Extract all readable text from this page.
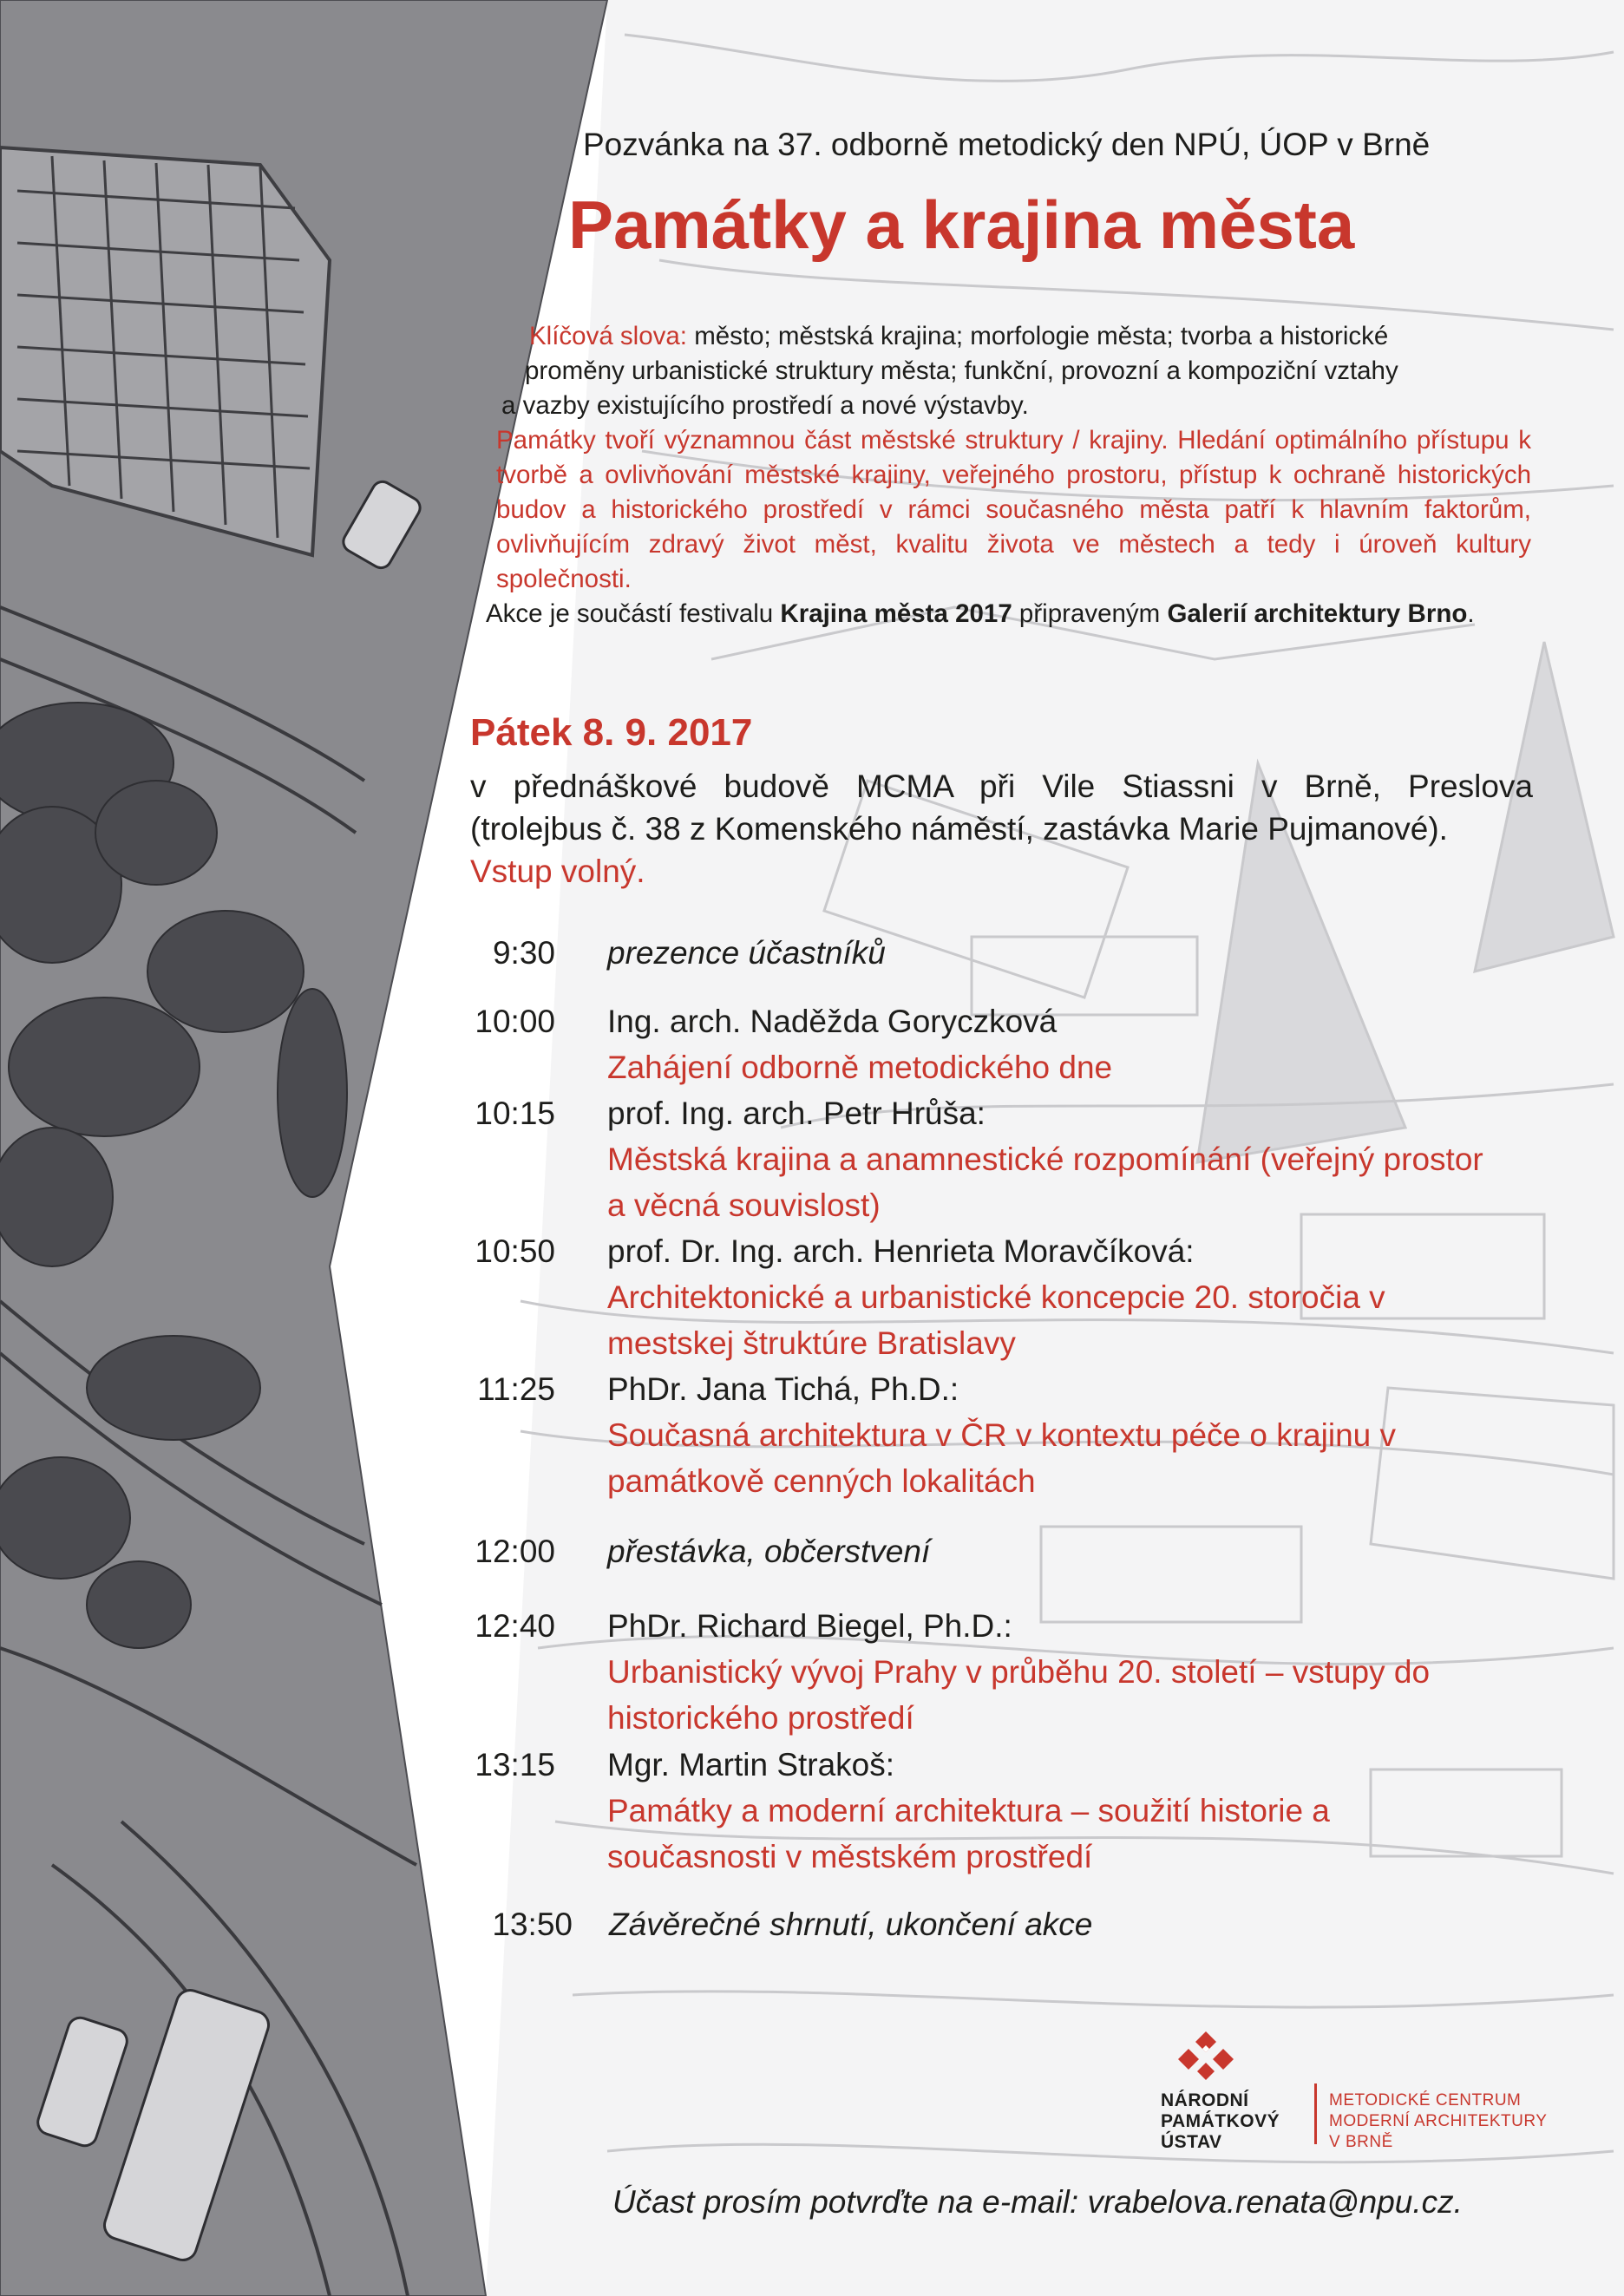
Pozvánka na 37. odborně metodický den NPÚ, ÚOP v Brně
Památky a krajina města

Klíčová slova: město; městská krajina; morfologie města; tvorba a historické

proměny urbanistické struktury města; funkční, provozní a kompoziční vztahy

a vazby existujícího prostředí a nové výstavby.

Památky tvoří významnou část městské struktury / krajiny. Hledání optimálního přístupu k tvorbě a ovlivňování městské krajiny, veřejného prostoru, přístup k ochraně historických budov a historického prostředí v rámci současného města patří k hlavním faktorům, ovlivňujícím zdravý život měst, kvalitu života ve městech a tedy i úroveň kultury společnosti.

Akce je součástí festivalu Krajina města 2017 připraveným Galerií architektury Brno.

Pátek 8. 9. 2017
v přednáškové budově MCMA při Vile Stiassni v Brně, Preslova
(trolejbus č. 38 z Komenského náměstí, zastávka Marie Pujmanové).
Vstup volný.
9:30 prezence účastníků
10:00 Ing. arch. Naděžda Goryczková
Zahájení odborně metodického dne
10:15 prof. Ing. arch. Petr Hrůša:
Městská krajina a anamnestické rozpomínání (veřejný prostor a věcná souvislost)
10:50 prof. Dr. Ing. arch. Henrieta Moravčíková:
Architektonické a urbanistické koncepcie 20. storočia v mestskej štruktúre Bratislavy
11:25 PhDr. Jana Tichá, Ph.D.:
Současná architektura v ČR v kontextu péče o krajinu v památkově cenných lokalitách
12:00 přestávka, občerstvení
12:40 PhDr. Richard Biegel, Ph.D.:
Urbanistický vývoj Prahy v průběhu 20. století – vstupy do historického prostředí
13:15 Mgr. Martin Strakoš:
Památky a moderní architektura – soužití historie a současnosti v městském prostředí
13:50 Závěrečné shrnutí, ukončení akce
NÁRODNÍ
PAMÁTKOVÝ
ÚSTAV
METODICKÉ CENTRUM
MODERNÍ ARCHITEKTURY
V BRNĚ
Účast prosím potvrďte na e-mail: vrabelova.renata@npu.cz.
